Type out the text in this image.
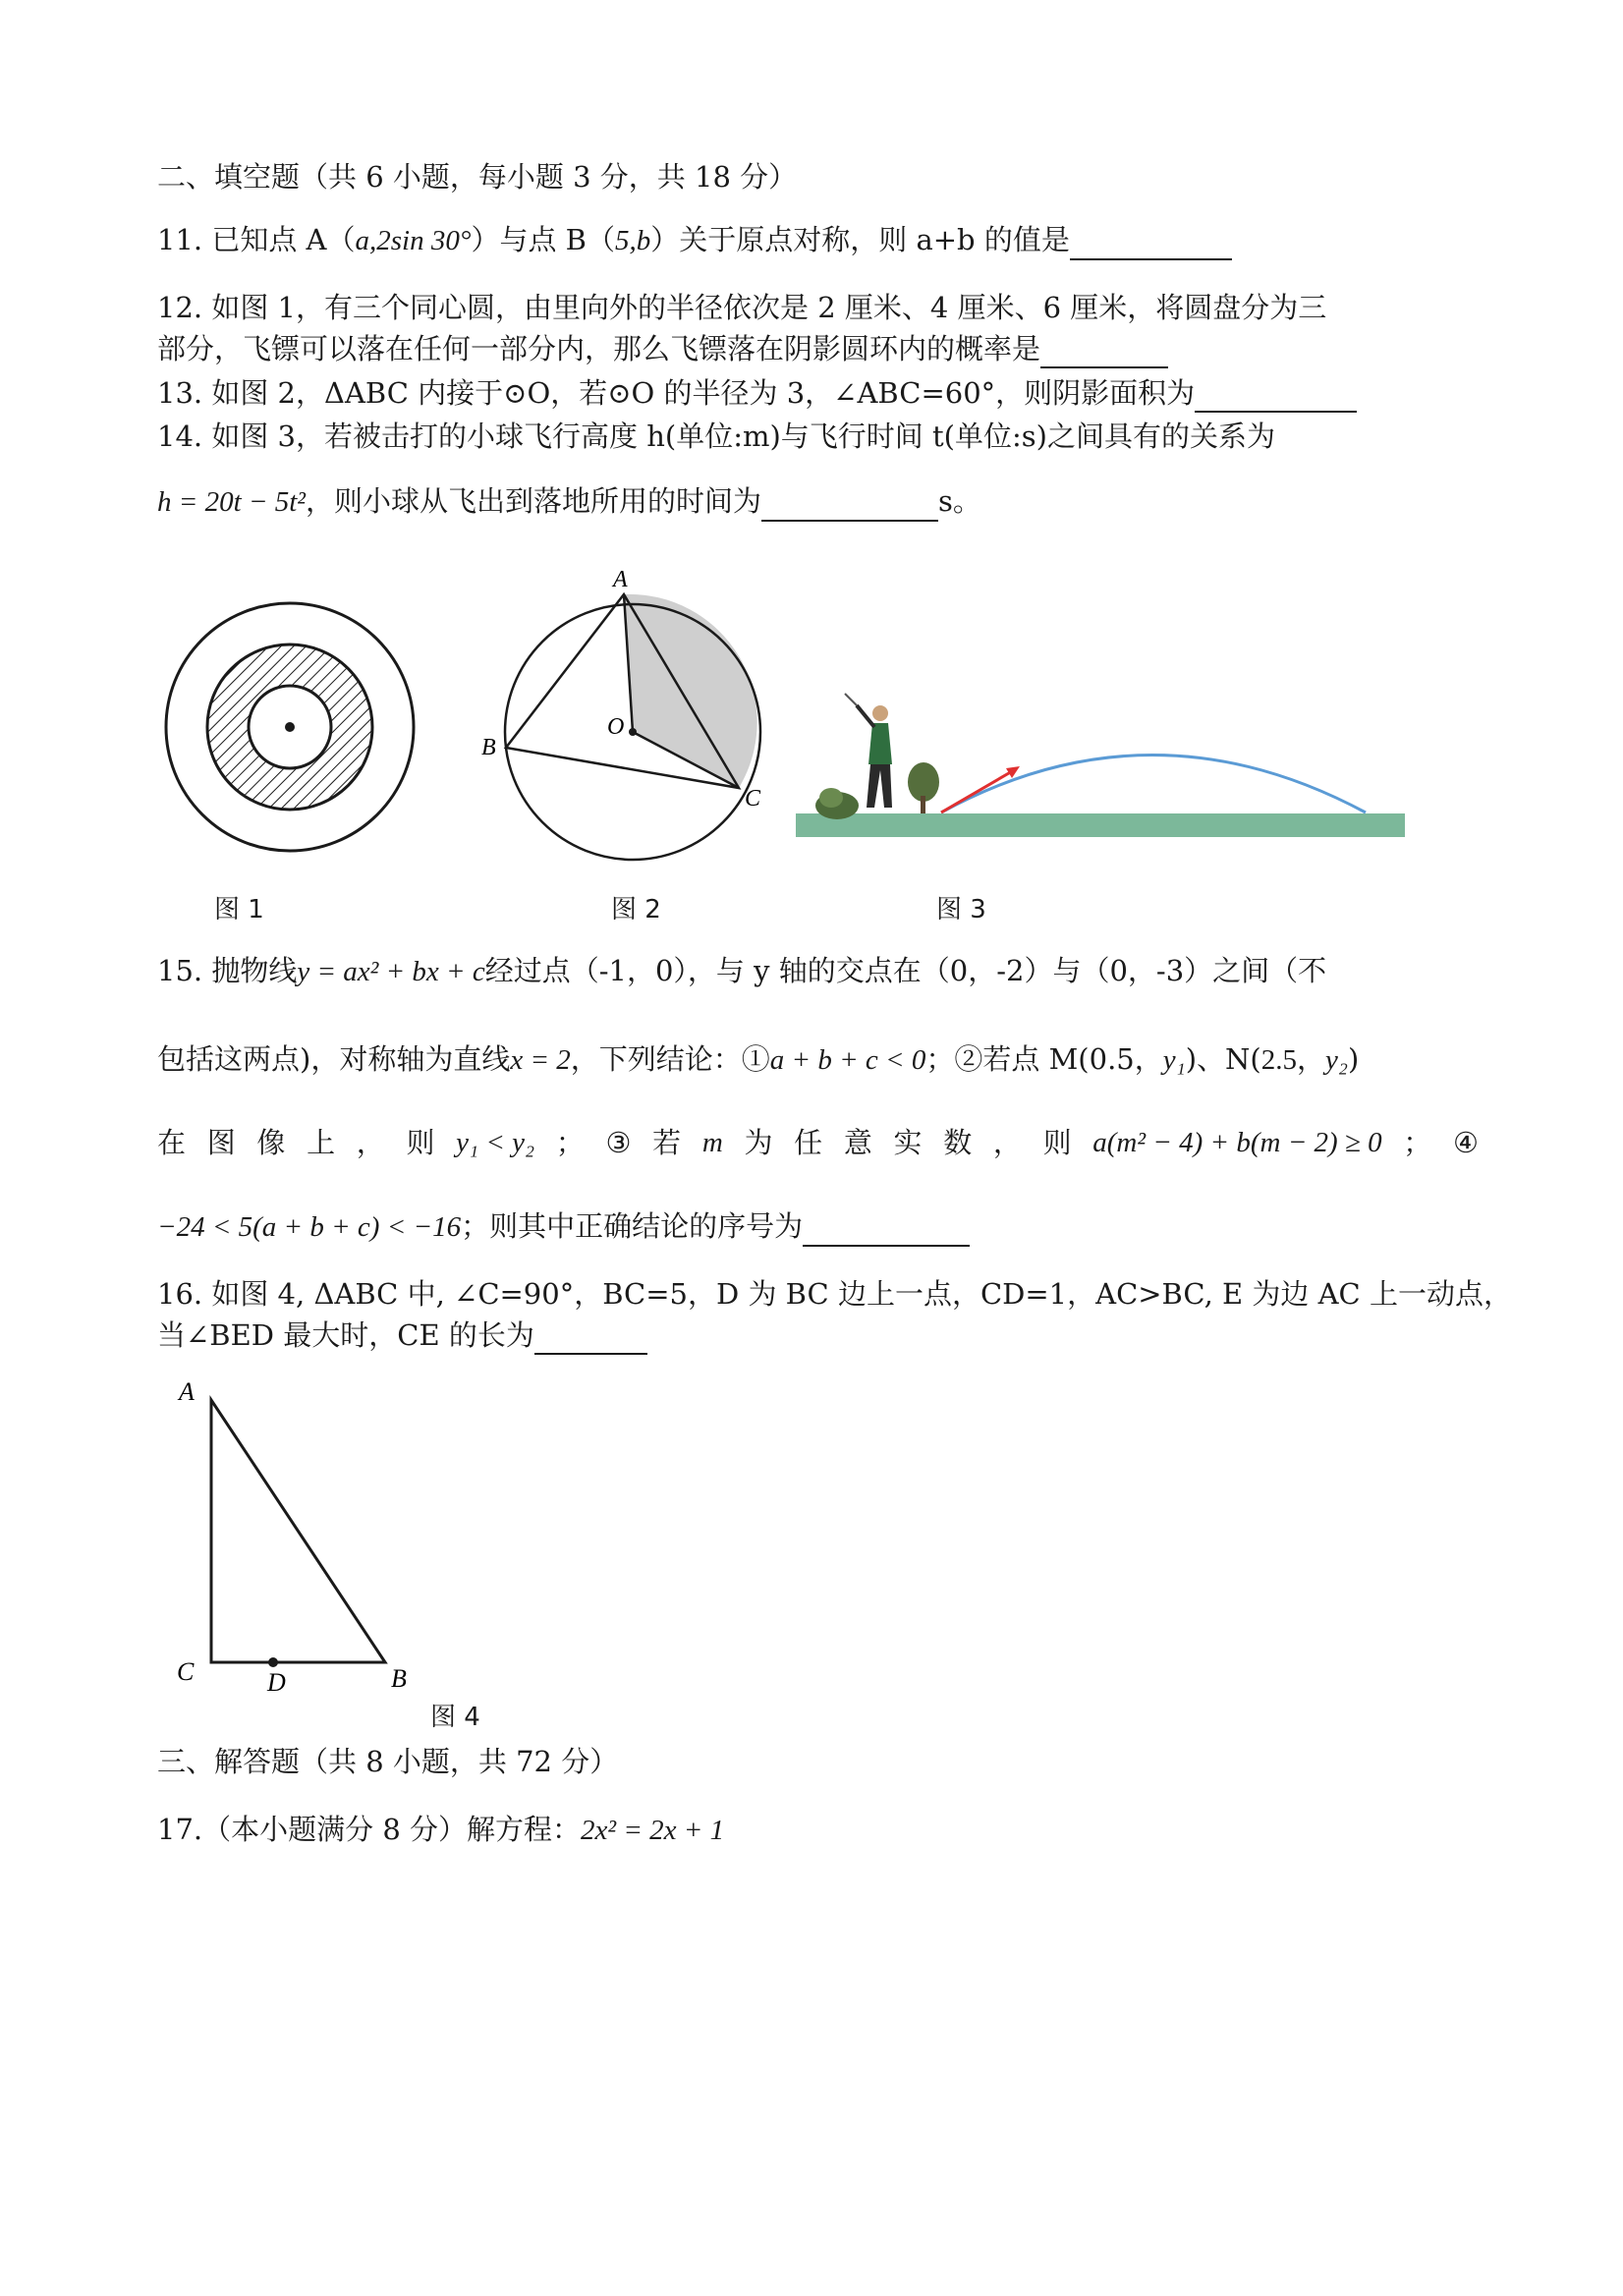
二、填空题（共 6 小题，每小题 3 分，共 18 分）
11. 已知点 A（a,2sin 30°）与点 B（5,b）关于原点对称，则 a+b 的值是
12. 如图 1，有三个同心圆，由里向外的半径依次是 2 厘米、4 厘米、6 厘米，将圆盘分为三
部分，飞镖可以落在任何一部分内，那么飞镖落在阴影圆环内的概率是
13. 如图 2，ΔABC 内接于⊙O，若⊙O 的半径为 3，∠ABC=60°，则阴影面积为
14. 如图 3，若被击打的小球飞行高度 h(单位:m)与飞行时间 t(单位:s)之间具有的关系为
h = 20t − 5t²，则小球从飞出到落地所用的时间为	s。
图 1
A
B
C
O
图 2	图 3
15. 抛物线y = ax² + bx + c经过点（-1，0），与 y 轴的交点在（0，-2）与（0，-3）之间（不
包括这两点)，对称轴为直线x = 2，下列结论：①a + b + c < 0；②若点 M(0.5，y₁)、N(2.5，y₂)
在 图 像 上 ， 则 y₁ < y₂ ； ③ 若 m 为 任 意 实 数 ， 则 a(m² − 4) + b(m − 2) ≥ 0 ； ④
−24 < 5(a + b + c) < −16；则其中正确结论的序号为
16. 如图 4, ΔABC 中, ∠C=90°，BC=5，D 为 BC 边上一点，CD=1，AC>BC, E 为边 AC 上一动点，
当∠BED 最大时，CE 的长为
A
C	D	B
图 4
三、解答题（共 8 小题，共 72 分）
17.（本小题满分 8 分）解方程：2x² = 2x + 1
